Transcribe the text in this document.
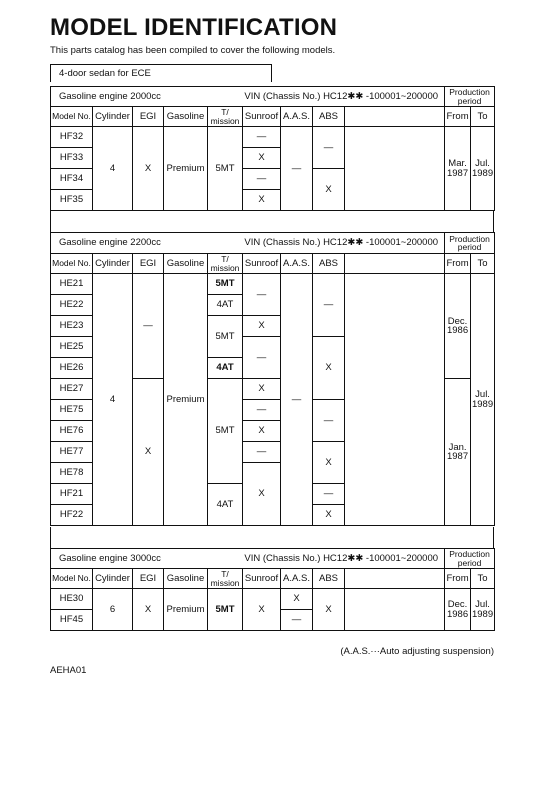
MODEL IDENTIFICATION
This parts catalog has been compiled to cover the following models.
4-door sedan for ECE
Gasoline engine 2000cc				VIN (Chassis No.) HC12✱✱ -100001~200000					Production period	
Model No.	Cylinder	EGI	Gasoline	T/ mission	Sunroof	A.A.S.	ABS		From	To
HF32	4	X	Premium	5MT	—	—	—		Mar. 1987	Jul. 1989
HF33					X					
HF34					—		X			
HF35					X					
Gasoline engine 2200cc				VIN (Chassis No.) HC12✱✱ -100001~200000					Production period	
Model No.	Cylinder	EGI	Gasoline	T/ mission	Sunroof	A.A.S.	ABS		From	To
HE21	4	—	Premium	5MT	—	—	—		Dec. 1986	Jul. 1989
HE22				4AT						
HE23				5MT	X					
HE25					—		X			
HE26				4AT						
HE27		X		5MT	X				Jan. 1987	
HE75					—		—			
HE76					X					
HE77					—		X			
HE78					X					
HF21				4AT			—			
HF22							X			
Gasoline engine 3000cc				VIN (Chassis No.) HC12✱✱ -100001~200000					Production period	
Model No.	Cylinder	EGI	Gasoline	T/ mission	Sunroof	A.A.S.	ABS		From	To
HE30	6	X	Premium	5MT	X	X	X		Dec. 1986	Jul. 1989
HF45						—				
(A.A.S.···Auto adjusting suspension)
AEHA01
